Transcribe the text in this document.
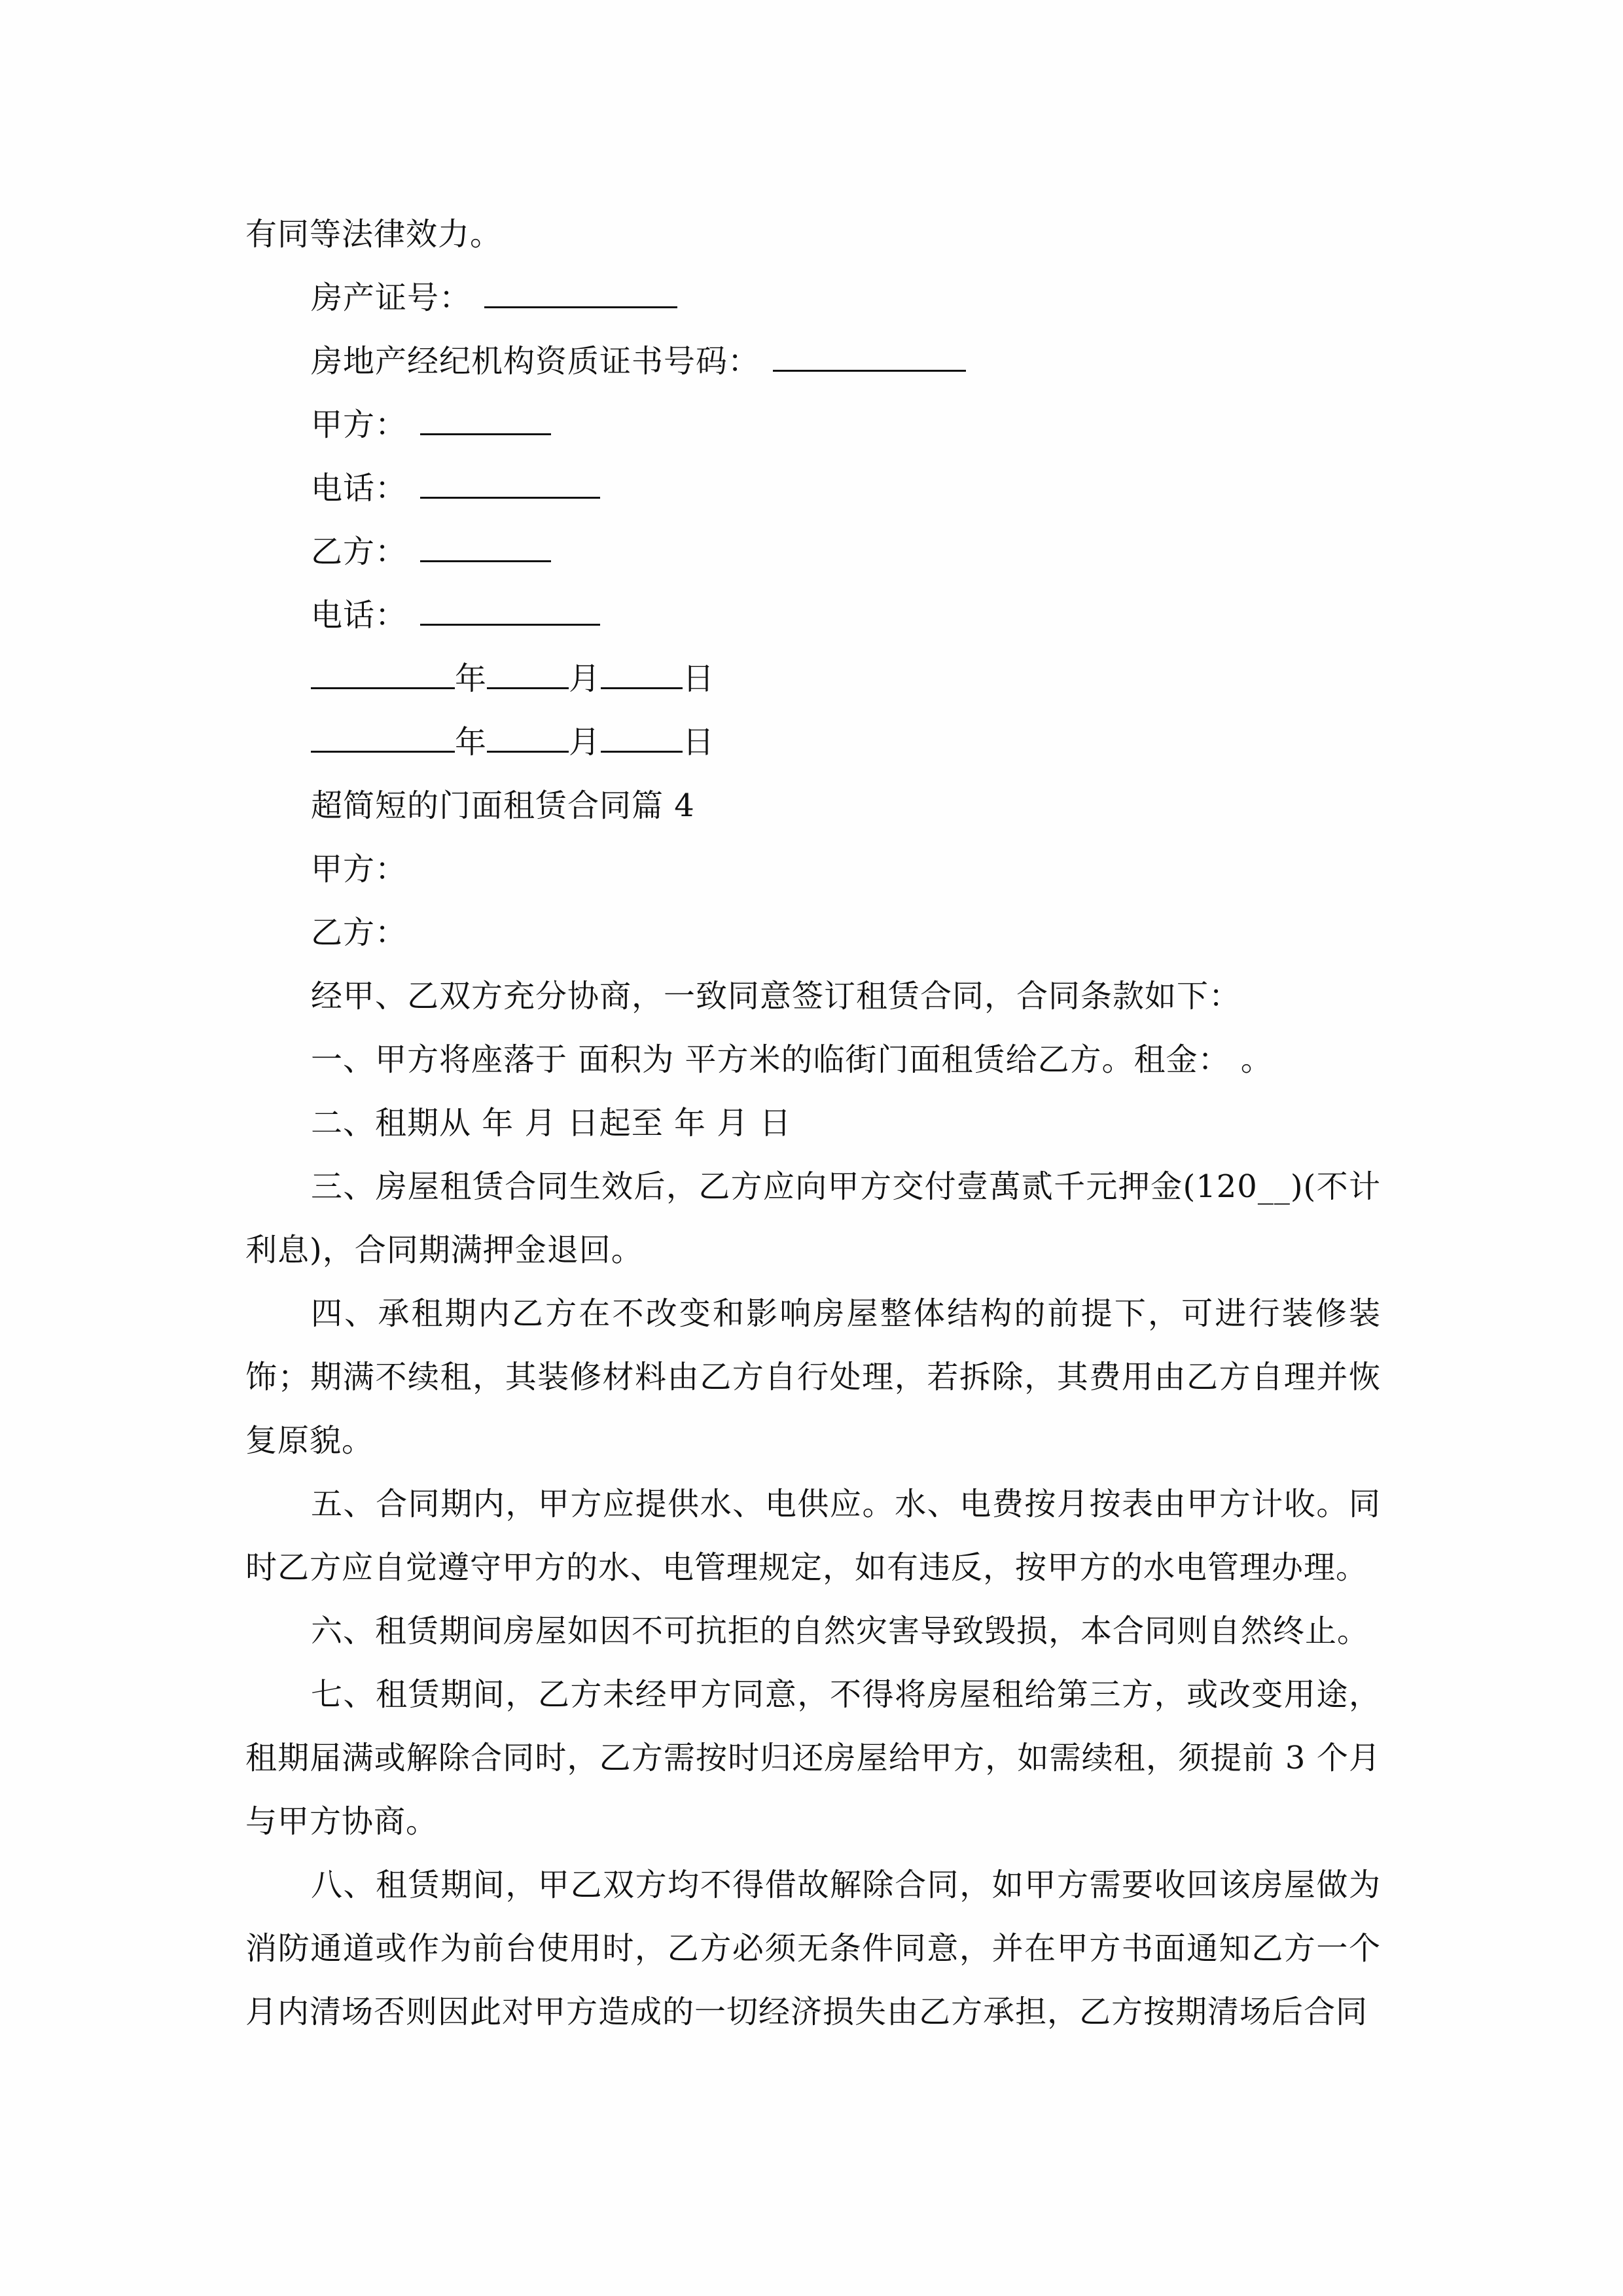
有同等法律效力。
房产证号：
房地产经纪机构资质证书号码：
甲方：
电话：
乙方：
电话：
年	月	日
年	月	日
超简短的门面租赁合同篇 4
甲方：
乙方：
经甲、乙双方充分协商，一致同意签订租赁合同，合同条款如下：
一、甲方将座落于 面积为 平方米的临街门面租赁给乙方。租金： 。
二、租期从 年 月 日起至 年 月 日
三、房屋租赁合同生效后，乙方应向甲方交付壹萬贰千元押金(120__)(不计利息)，合同期满押金退回。
四、承租期内乙方在不改变和影响房屋整体结构的前提下，可进行装修装饰；期满不续租，其装修材料由乙方自行处理，若拆除，其费用由乙方自理并恢复原貌。
五、合同期内，甲方应提供水、电供应。水、电费按月按表由甲方计收。同时乙方应自觉遵守甲方的水、电管理规定，如有违反，按甲方的水电管理办理。
六、租赁期间房屋如因不可抗拒的自然灾害导致毁损，本合同则自然终止。
七、租赁期间，乙方未经甲方同意，不得将房屋租给第三方，或改变用途，租期届满或解除合同时，乙方需按时归还房屋给甲方，如需续租，须提前 3 个月与甲方协商。
八、租赁期间，甲乙双方均不得借故解除合同，如甲方需要收回该房屋做为消防通道或作为前台使用时，乙方必须无条件同意，并在甲方书面通知乙方一个月内清场否则因此对甲方造成的一切经济损失由乙方承担，乙方按期清场后合同
